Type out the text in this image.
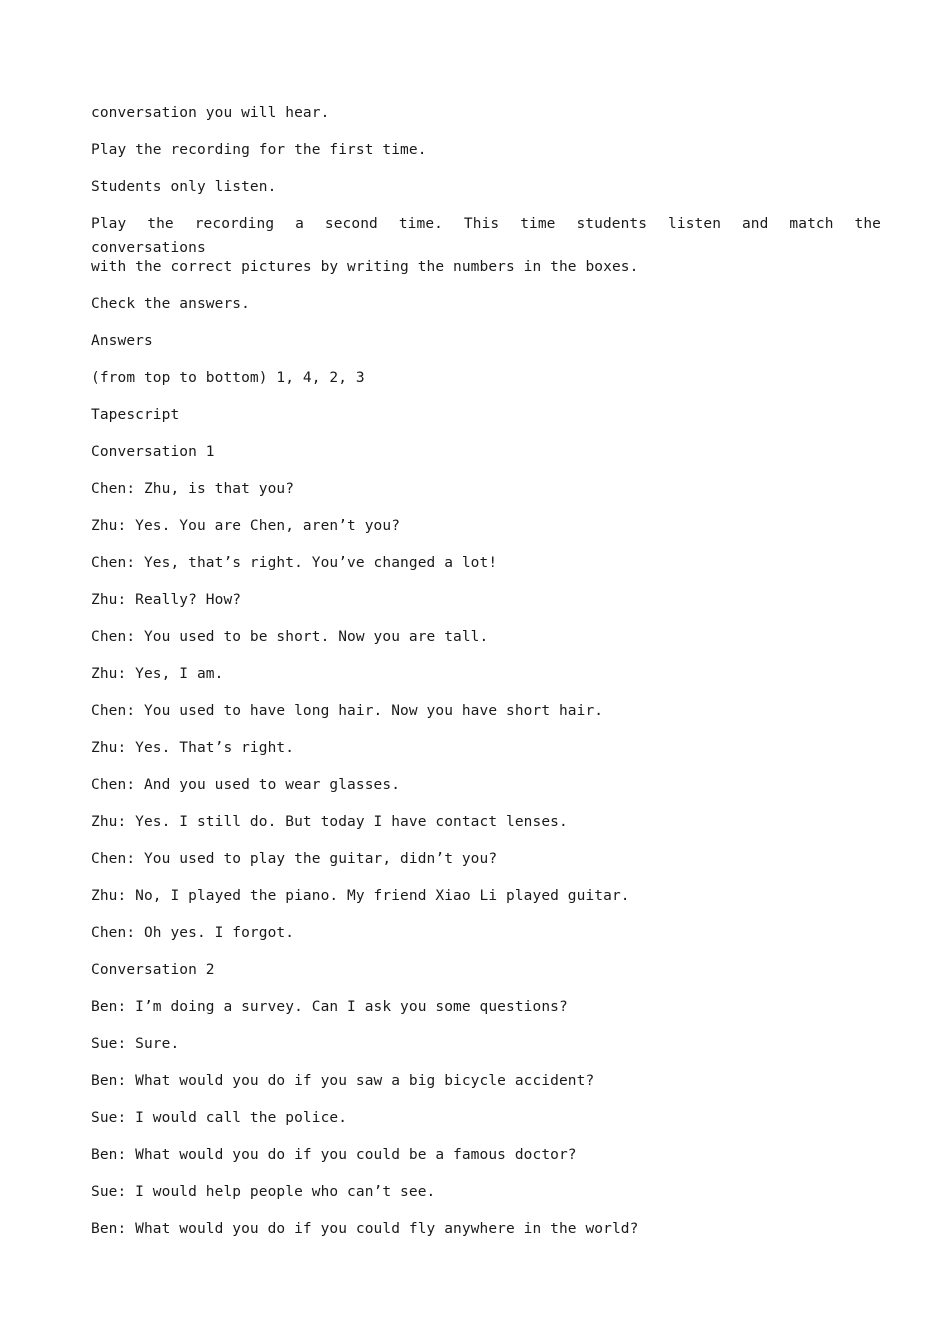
conversation you will hear.
Play the recording for the first time.
Students only listen.
Play the recording a second time. This time students listen and match the conversations
with the correct pictures by writing the numbers in the boxes.
Check the answers.
Answers
(from top to bottom) 1, 4, 2, 3
Tapescript
Conversation 1
Chen: Zhu, is that you?
Zhu: Yes. You are Chen, aren’t you?
Chen: Yes, that’s right. You’ve changed a lot!
Zhu: Really? How?
Chen: You used to be short. Now you are tall.
Zhu: Yes, I am.
Chen: You used to have long hair. Now you have short hair.
Zhu: Yes. That’s right.
Chen: And you used to wear glasses.
Zhu: Yes. I still do. But today I have contact lenses.
Chen: You used to play the guitar, didn’t you?
Zhu: No, I played the piano. My friend Xiao Li played guitar.
Chen: Oh yes. I forgot.
Conversation 2
Ben: I’m doing a survey. Can I ask you some questions?
Sue: Sure.
Ben: What would you do if you saw a big bicycle accident?
Sue: I would call the police.
Ben: What would you do if you could be a famous doctor?
Sue: I would help people who can’t see.
Ben: What would you do if you could fly anywhere in the world?
